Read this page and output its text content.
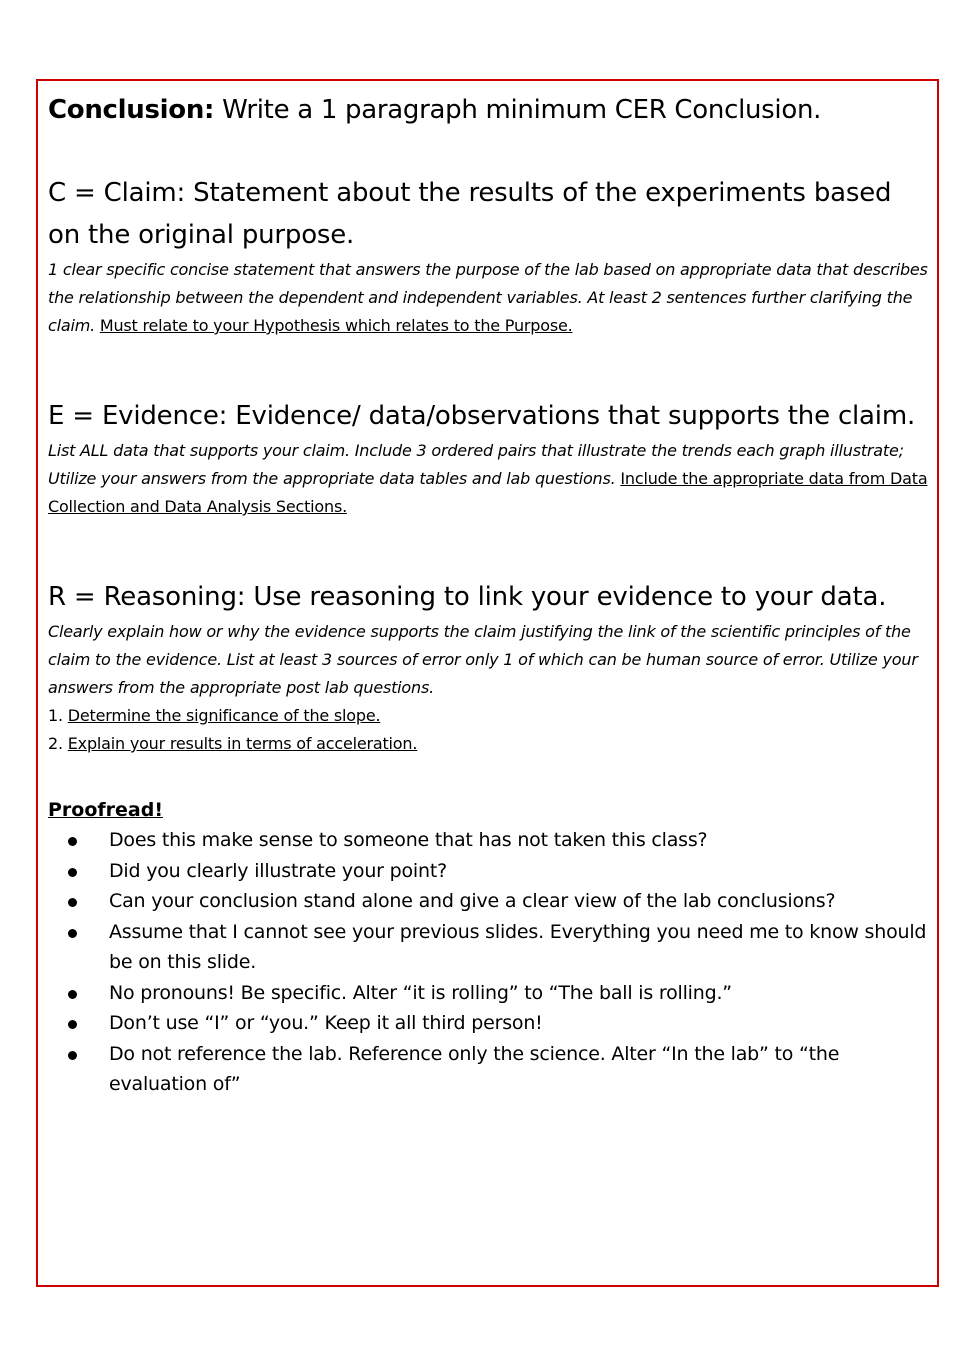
Conclusion: Write a 1 paragraph minimum CER Conclusion.

C = Claim: Statement about the results of the experiments based on the original purpose.

1 clear specific concise statement that answers the purpose of the lab based on appropriate data that describes the relationship between the dependent and independent variables. At least 2 sentences further clarifying the claim. Must relate to your Hypothesis which relates to the Purpose.

E = Evidence: Evidence/ data/observations that supports the claim.

List ALL data that supports your claim. Include 3 ordered pairs that illustrate the trends each graph illustrate; Utilize your answers from the appropriate data tables and lab questions. Include the appropriate data from Data Collection and Data Analysis Sections.

R = Reasoning: Use reasoning to link your evidence to your data.

Clearly explain how or why the evidence supports the claim justifying the link of the scientific principles of the claim to the evidence. List at least 3 sources of error only 1 of which can be human source of error. Utilize your answers from the appropriate post lab questions.

1. Determine the significance of the slope.

2. Explain your results in terms of acceleration.

Proofread!

Does this make sense to someone that has not taken this class?
Did you clearly illustrate your point?
Can your conclusion stand alone and give a clear view of the lab conclusions?
Assume that I cannot see your previous slides. Everything you need me to know should be on this slide.
No pronouns! Be specific. Alter “it is rolling” to “The ball is rolling.”
Don’t use “I” or “you.” Keep it all third person!
Do not reference the lab. Reference only the science. Alter “In the lab” to “the evaluation of”
